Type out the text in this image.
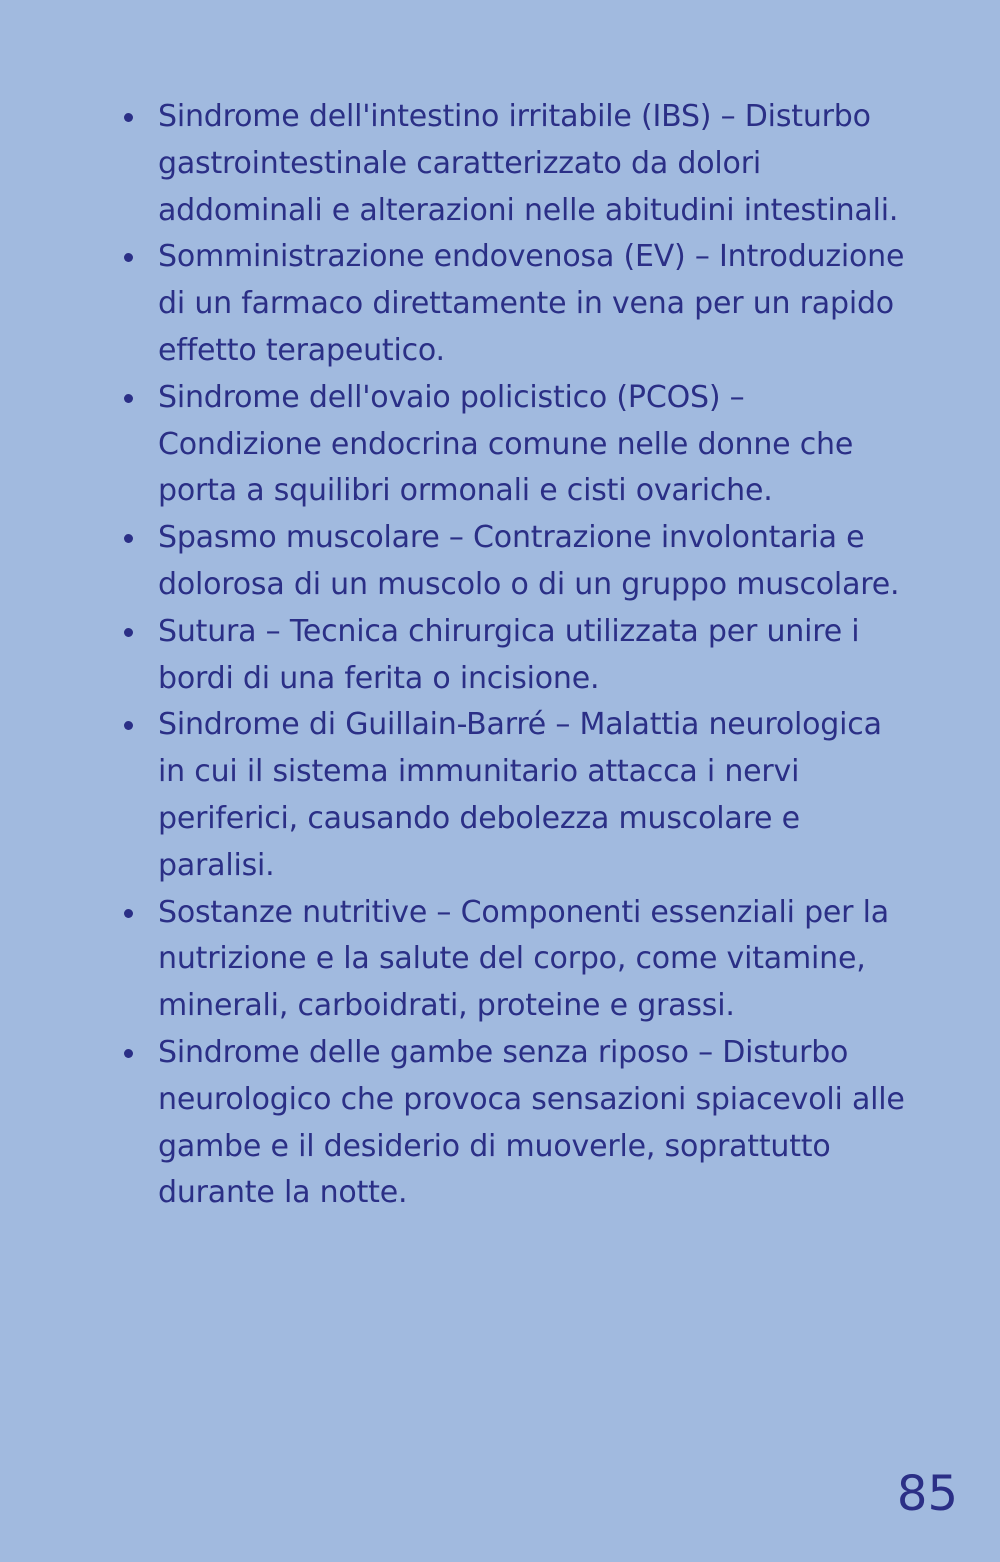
Sindrome dell'intestino irritabile (IBS) – Disturbo gastrointestinale caratterizzato da dolori addominali e alterazioni nelle abitudini intestinali.
Somministrazione endovenosa (EV) – Introduzione di un farmaco direttamente in vena per un rapido effetto terapeutico.
Sindrome dell'ovaio policistico (PCOS) – Condizione endocrina comune nelle donne che porta a squilibri ormonali e cisti ovariche.
Spasmo muscolare – Contrazione involontaria e dolorosa di un muscolo o di un gruppo muscolare.
Sutura – Tecnica chirurgica utilizzata per unire i bordi di una ferita o incisione.
Sindrome di Guillain-Barré – Malattia neurologica in cui il sistema immunitario attacca i nervi periferici, causando debolezza muscolare e paralisi.
Sostanze nutritive – Componenti essenziali per la nutrizione e la salute del corpo, come vitamine, minerali, carboidrati, proteine e grassi.
Sindrome delle gambe senza riposo – Disturbo neurologico che provoca sensazioni spiacevoli alle gambe e il desiderio di muoverle, soprattutto durante la notte.
85
